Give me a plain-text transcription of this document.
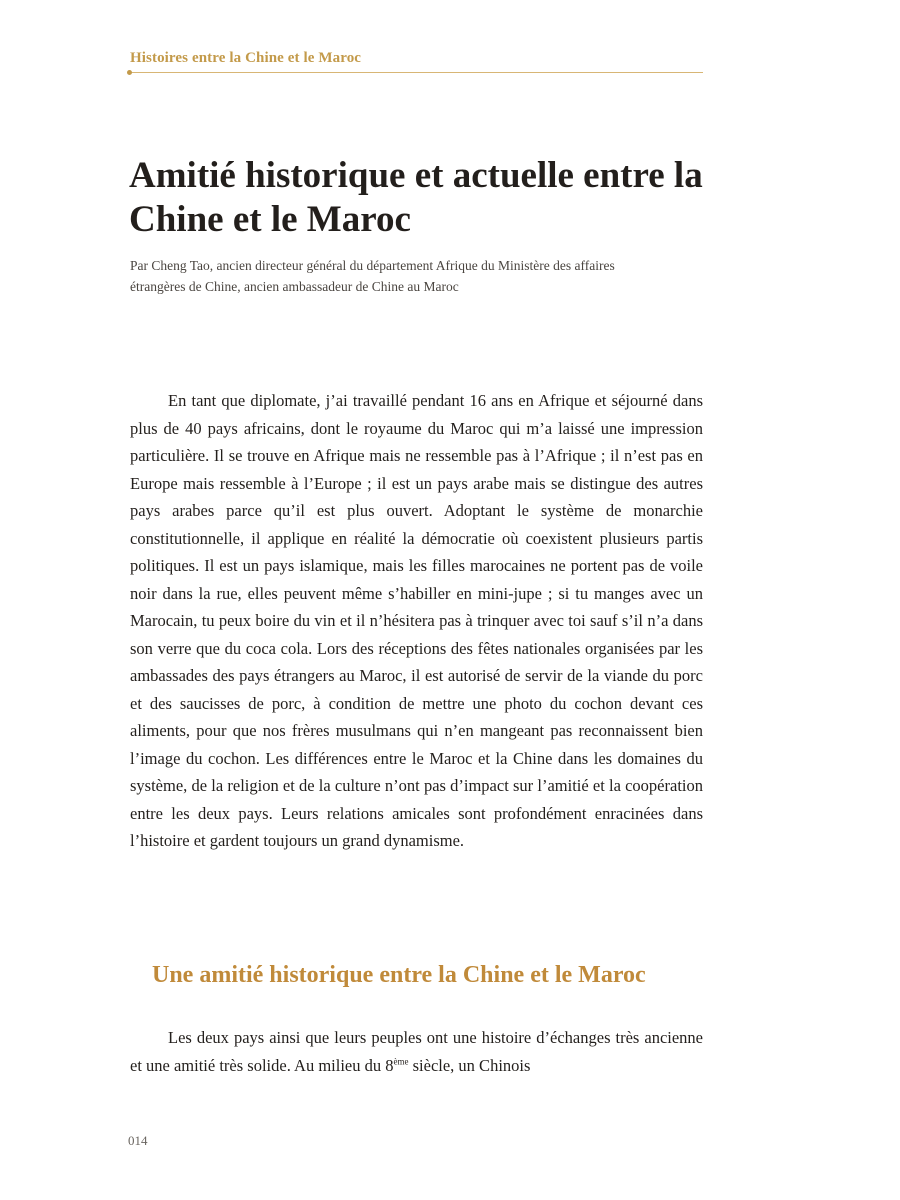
Histoires entre la Chine et le Maroc
Amitié historique et actuelle entre la Chine et le Maroc
Par Cheng Tao, ancien directeur général du département Afrique du Ministère des affaires étrangères de Chine, ancien ambassadeur de Chine au Maroc

En tant que diplomate, j’ai travaillé pendant 16 ans en Afrique et séjourné dans plus de 40 pays africains, dont le royaume du Maroc qui m’a laissé une impression particulière. Il se trouve en Afrique mais ne ressemble pas à l’Afrique ; il n’est pas en Europe mais ressemble à l’Europe ; il est un pays arabe mais se distingue des autres pays arabes parce qu’il est plus ouvert. Adoptant le système de monarchie constitutionnelle, il applique en réalité la démocratie où coexistent plusieurs partis politiques. Il est un pays islamique, mais les filles marocaines ne portent pas de voile noir dans la rue, elles peuvent même s’habiller en mini-jupe ; si tu manges avec un Marocain, tu peux boire du vin et il n’hésitera pas à trinquer avec toi sauf s’il n’a dans son verre que du coca cola. Lors des réceptions des fêtes nationales organisées par les ambassades des pays étrangers au Maroc, il est autorisé de servir de la viande du porc et des saucisses de porc, à condition de mettre une photo du cochon devant ces aliments, pour que nos frères musulmans qui n’en mangeant pas reconnaissent bien l’image du cochon. Les différences entre le Maroc et la Chine dans les domaines du système, de la religion et de la culture n’ont pas d’impact sur l’amitié et la coopération entre les deux pays. Leurs relations amicales sont profondément enracinées dans l’histoire et gardent toujours un grand dynamisme.

Une amitié historique entre la Chine et le Maroc

Les deux pays ainsi que leurs peuples ont une histoire d’échanges très ancienne et une amitié très solide. Au milieu du 8ème siècle, un Chinois

014
